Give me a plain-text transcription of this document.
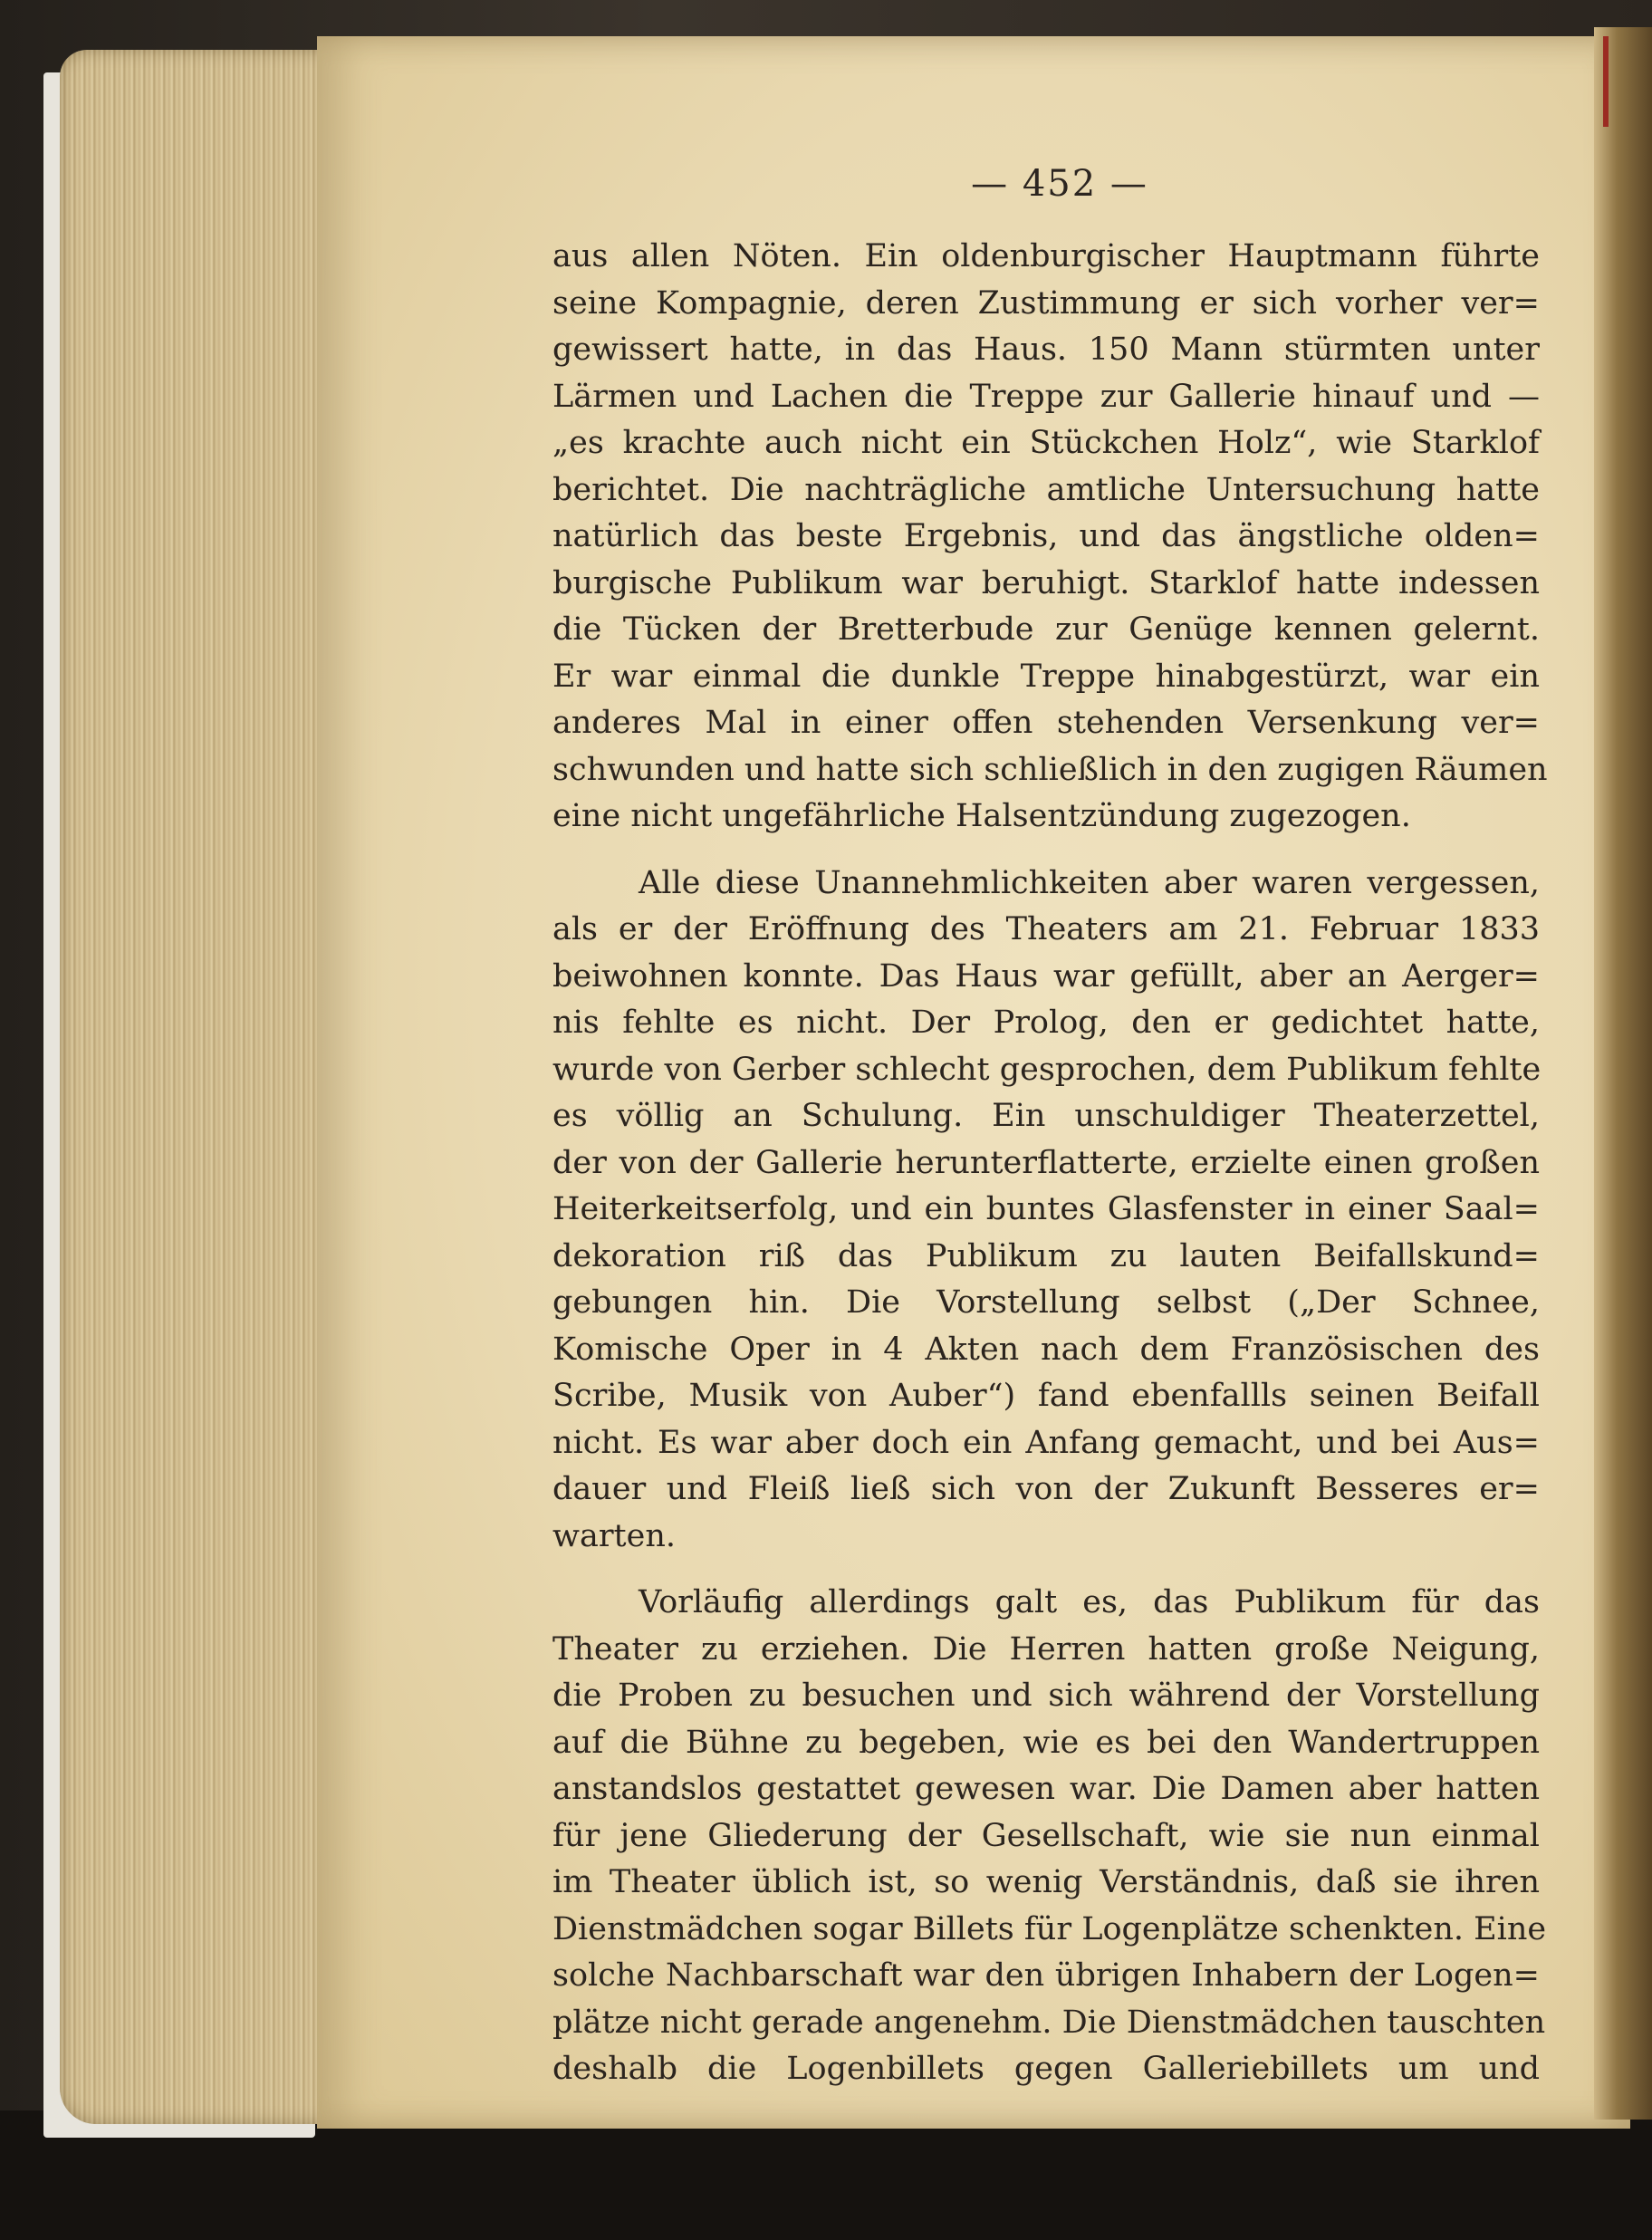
— 452 —
aus allen Nöten. Ein oldenburgischer Hauptmann führte
seine Kompagnie, deren Zustimmung er sich vorher ver=
gewissert hatte, in das Haus. 150 Mann stürmten unter
Lärmen und Lachen die Treppe zur Gallerie hinauf und —
„es krachte auch nicht ein Stückchen Holz“, wie Starklof
berichtet. Die nachträgliche amtliche Untersuchung hatte
natürlich das beste Ergebnis, und das ängstliche olden=
burgische Publikum war beruhigt. Starklof hatte indessen
die Tücken der Bretterbude zur Genüge kennen gelernt.
Er war einmal die dunkle Treppe hinabgestürzt, war ein
anderes Mal in einer offen stehenden Versenkung ver=
schwunden und hatte sich schließlich in den zugigen Räumen
eine nicht ungefährliche Halsentzündung zugezogen.
Alle diese Unannehmlichkeiten aber waren vergessen,
als er der Eröffnung des Theaters am 21. Februar 1833
beiwohnen konnte. Das Haus war gefüllt, aber an Aerger=
nis fehlte es nicht. Der Prolog, den er gedichtet hatte,
wurde von Gerber schlecht gesprochen, dem Publikum fehlte
es völlig an Schulung. Ein unschuldiger Theaterzettel,
der von der Gallerie herunterflatterte, erzielte einen großen
Heiterkeitserfolg, und ein buntes Glasfenster in einer Saal=
dekoration riß das Publikum zu lauten Beifallskund=
gebungen hin. Die Vorstellung selbst („Der Schnee,
Komische Oper in 4 Akten nach dem Französischen des
Scribe, Musik von Auber“) fand ebenfallls seinen Beifall
nicht. Es war aber doch ein Anfang gemacht, und bei Aus=
dauer und Fleiß ließ sich von der Zukunft Besseres er=
warten.
Vorläufig allerdings galt es, das Publikum für das
Theater zu erziehen. Die Herren hatten große Neigung,
die Proben zu besuchen und sich während der Vorstellung
auf die Bühne zu begeben, wie es bei den Wandertruppen
anstandslos gestattet gewesen war. Die Damen aber hatten
für jene Gliederung der Gesellschaft, wie sie nun einmal
im Theater üblich ist, so wenig Verständnis, daß sie ihren
Dienstmädchen sogar Billets für Logenplätze schenkten. Eine
solche Nachbarschaft war den übrigen Inhabern der Logen=
plätze nicht gerade angenehm. Die Dienstmädchen tauschten
deshalb die Logenbillets gegen Galleriebillets um und
